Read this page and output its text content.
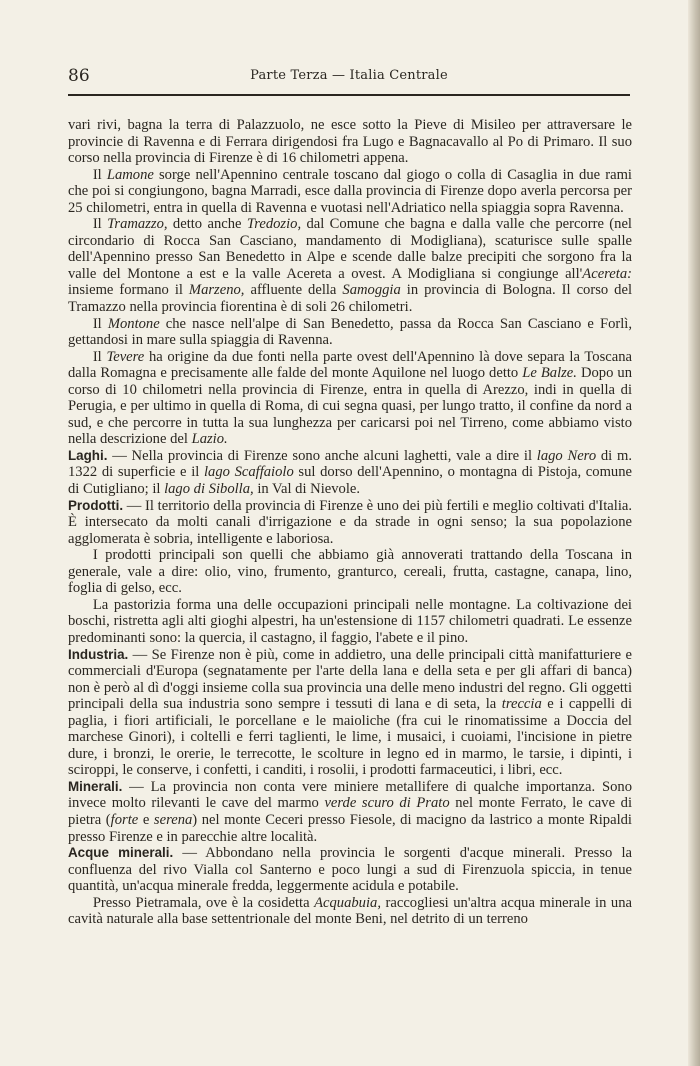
86	Parte Terza — Italia Centrale

vari rivi, bagna la terra di Palazzuolo, ne esce sotto la Pieve di Misileo per attraversare le provincie di Ravenna e di Ferrara dirigendosi fra Lugo e Bagnacavallo al Po di Primaro. Il suo corso nella provincia di Firenze è di 16 chilometri appena.

Il Lamone sorge nell'Apennino centrale toscano dal giogo o colla di Casaglia in due rami che poi si congiungono, bagna Marradi, esce dalla provincia di Firenze dopo averla percorsa per 25 chilometri, entra in quella di Ravenna e vuotasi nell'Adriatico nella spiaggia sopra Ravenna.

Il Tramazzo, detto anche Tredozio, dal Comune che bagna e dalla valle che percorre (nel circondario di Rocca San Casciano, mandamento di Modigliana), scaturisce sulle spalle dell'Apennino presso San Benedetto in Alpe e scende dalle balze precipiti che sorgono fra la valle del Montone a est e la valle Acereta a ovest. A Modigliana si congiunge all'Acereta: insieme formano il Marzeno, affluente della Samoggia in provincia di Bologna. Il corso del Tramazzo nella provincia fiorentina è di soli 26 chilometri.

Il Montone che nasce nell'alpe di San Benedetto, passa da Rocca San Casciano e Forlì, gettandosi in mare sulla spiaggia di Ravenna.

Il Tevere ha origine da due fonti nella parte ovest dell'Apennino là dove separa la Toscana dalla Romagna e precisamente alle falde del monte Aquilone nel luogo detto Le Balze. Dopo un corso di 10 chilometri nella provincia di Firenze, entra in quella di Arezzo, indi in quella di Perugia, e per ultimo in quella di Roma, di cui segna quasi, per lungo tratto, il confine da nord a sud, e che percorre in tutta la sua lunghezza per caricarsi poi nel Tirreno, come abbiamo visto nella descrizione del Lazio.

Laghi. — Nella provincia di Firenze sono anche alcuni laghetti, vale a dire il lago Nero di m. 1322 di superficie e il lago Scaffaiolo sul dorso dell'Apennino, o montagna di Pistoja, comune di Cutigliano; il lago di Sibolla, in Val di Nievole.

Prodotti. — Il territorio della provincia di Firenze è uno dei più fertili e meglio coltivati d'Italia. È intersecato da molti canali d'irrigazione e da strade in ogni senso; la sua popolazione agglomerata è sobria, intelligente e laboriosa.

I prodotti principali son quelli che abbiamo già annoverati trattando della Toscana in generale, vale a dire: olio, vino, frumento, granturco, cereali, frutta, castagne, canapa, lino, foglia di gelso, ecc.

La pastorizia forma una delle occupazioni principali nelle montagne. La coltivazione dei boschi, ristretta agli alti gioghi alpestri, ha un'estensione di 1157 chilometri quadrati. Le essenze predominanti sono: la quercia, il castagno, il faggio, l'abete e il pino.

Industria. — Se Firenze non è più, come in addietro, una delle principali città manifatturiere e commerciali d'Europa (segnatamente per l'arte della lana e della seta e per gli affari di banca) non è però al dì d'oggi insieme colla sua provincia una delle meno industri del regno. Gli oggetti principali della sua industria sono sempre i tessuti di lana e di seta, la treccia e i cappelli di paglia, i fiori artificiali, le porcellane e le maioliche (fra cui le rinomatissime a Doccia del marchese Ginori), i coltelli e ferri taglienti, le lime, i musaici, i cuoiami, l'incisione in pietre dure, i bronzi, le orerie, le terrecotte, le scolture in legno ed in marmo, le tarsie, i dipinti, i sciroppi, le conserve, i confetti, i canditi, i rosolii, i prodotti farmaceutici, i libri, ecc.

Minerali. — La provincia non conta vere miniere metallifere di qualche importanza. Sono invece molto rilevanti le cave del marmo verde scuro di Prato nel monte Ferrato, le cave di pietra (forte e serena) nel monte Ceceri presso Fiesole, di macigno da lastrico a monte Ripaldi presso Firenze e in parecchie altre località.

Acque minerali. — Abbondano nella provincia le sorgenti d'acque minerali. Presso la confluenza del rivo Vialla col Santerno e poco lungi a sud di Firenzuola spiccia, in tenue quantità, un'acqua minerale fredda, leggermente acidula e potabile.

Presso Pietramala, ove è la cosidetta Acquabuia, raccogliesi un'altra acqua minerale in una cavità naturale alla base settentrionale del monte Beni, nel detrito di un terreno
